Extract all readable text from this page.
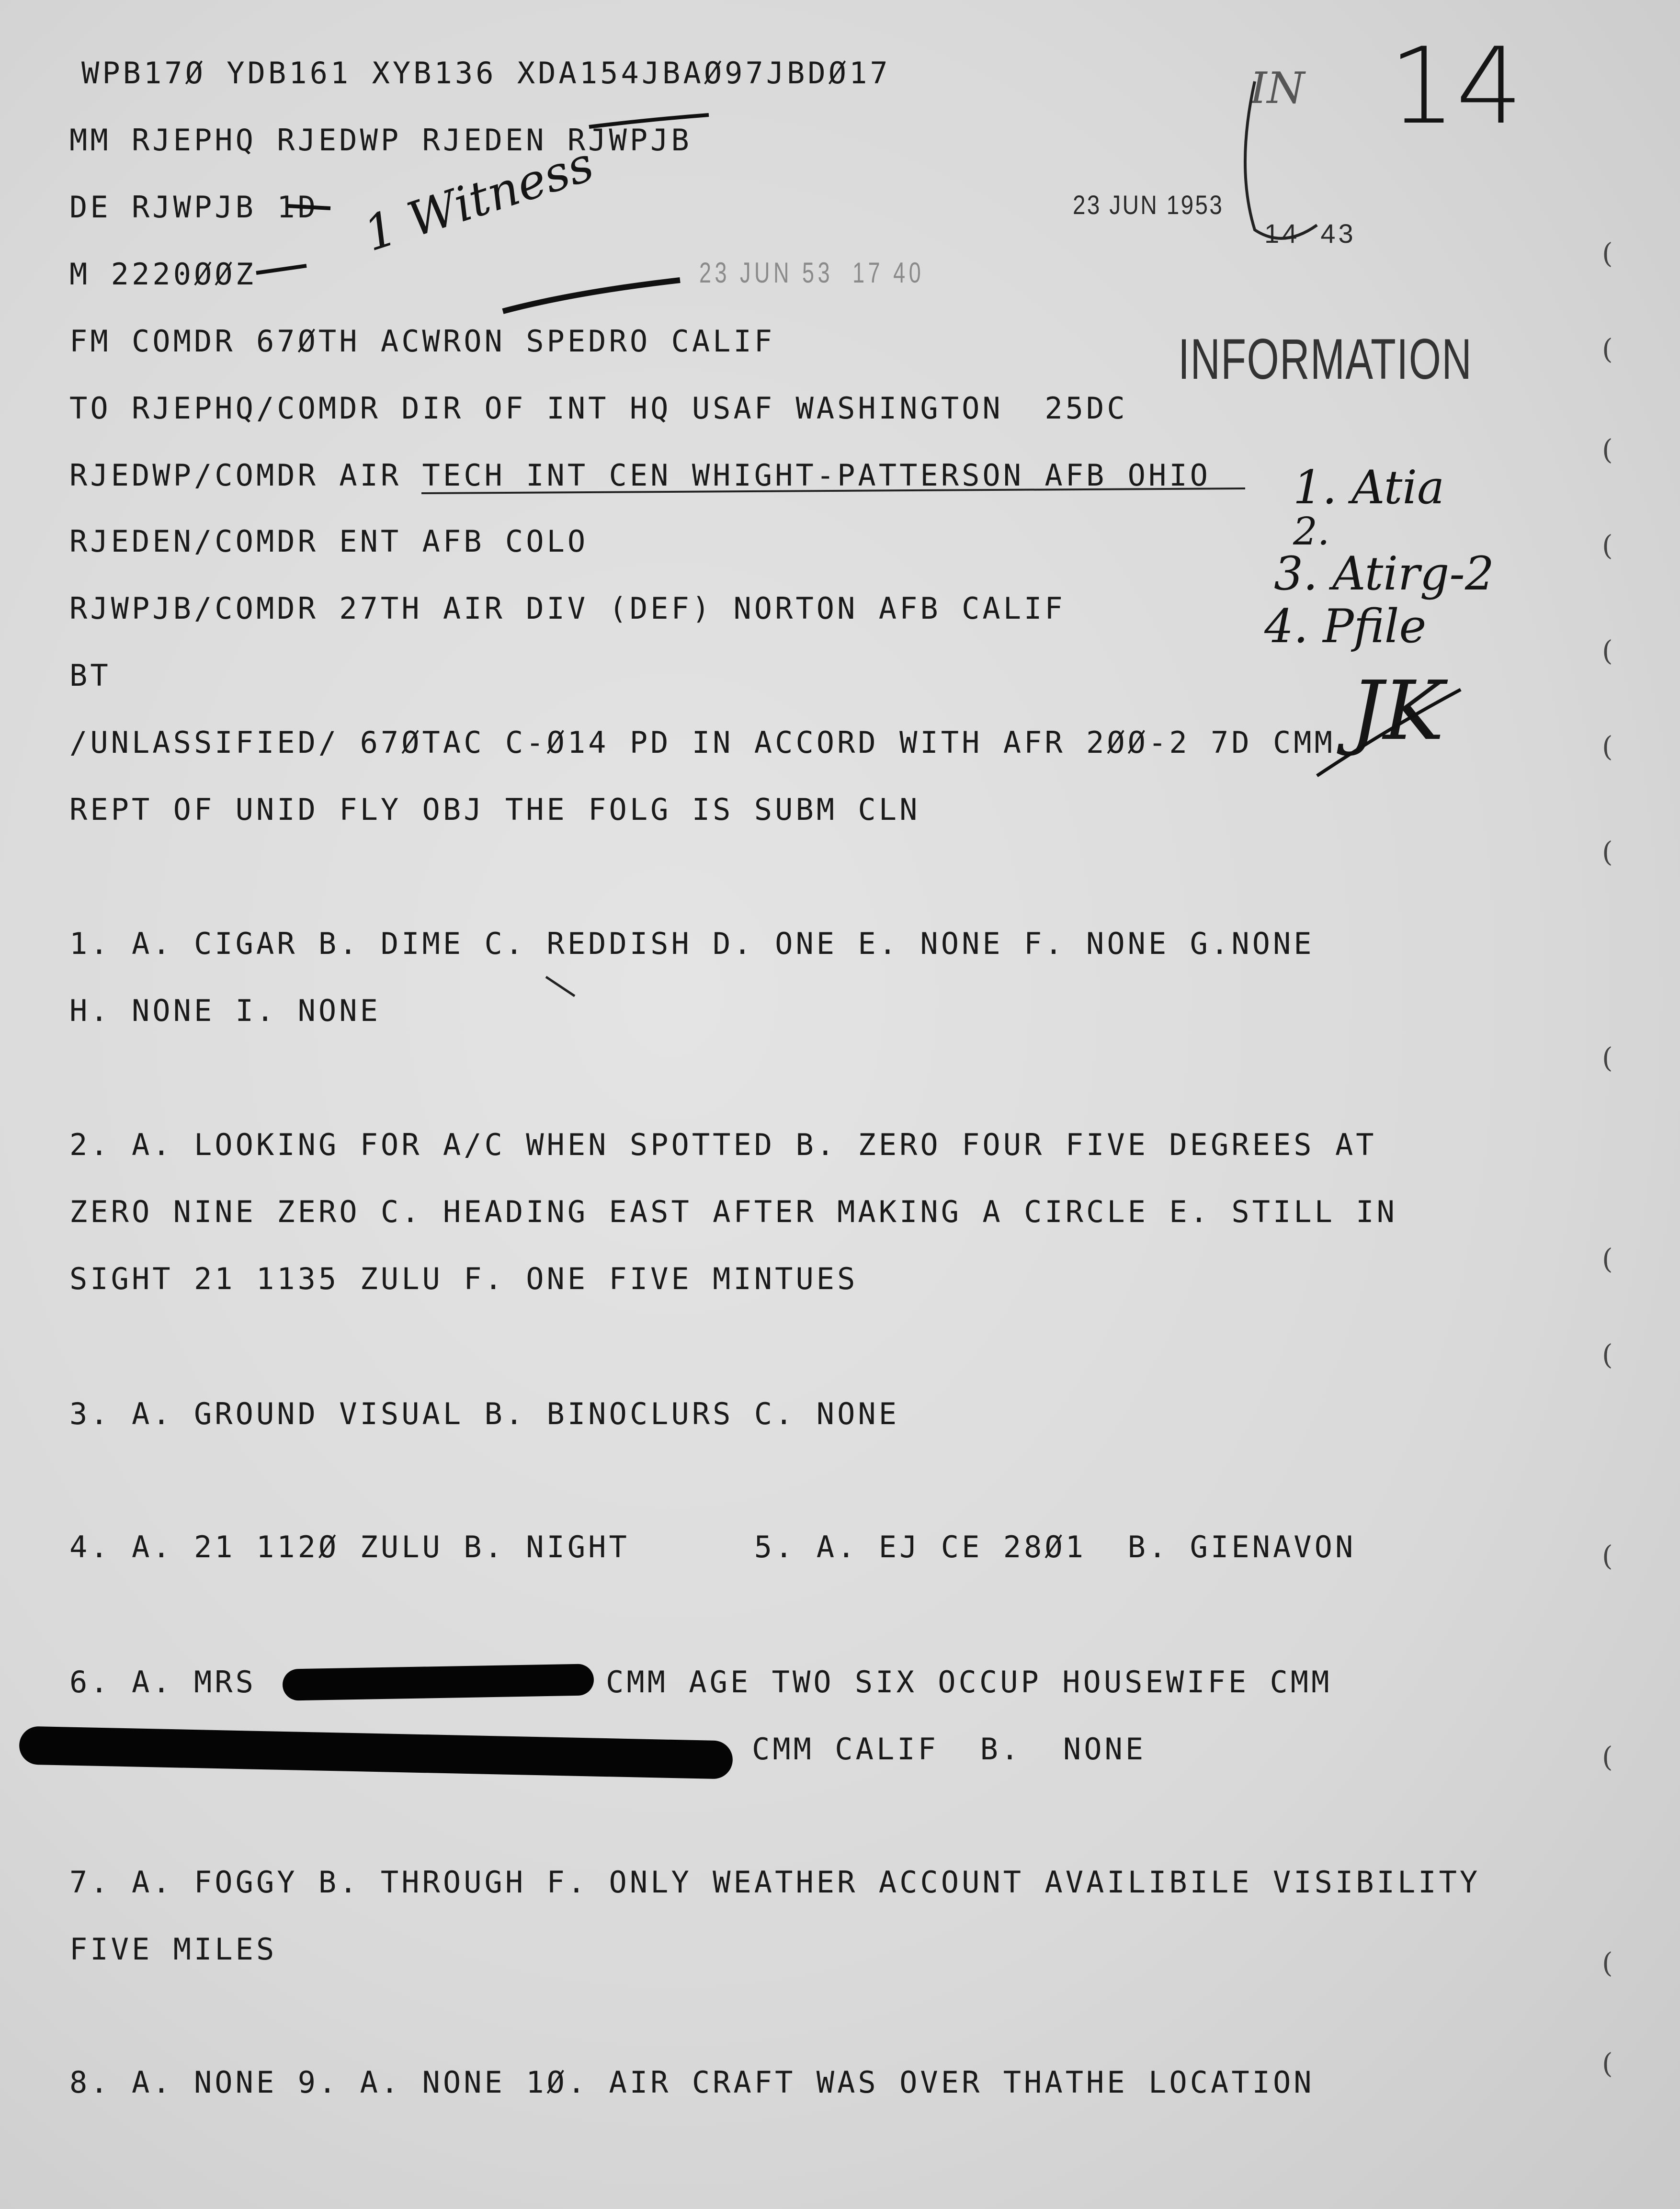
WPB17Ø YDB161 XYB136 XDA154JBAØ97JBDØ17

MM RJEPHQ RJEDWP RJEDEN RJWPJB

DE RJWPJB 1D

M 2220ØØZ

FM COMDR 67ØTH ACWRON SPEDRO CALIF

TO RJEPHQ/COMDR DIR OF INT HQ USAF WASHINGTON  25DC

RJEDWP/COMDR AIR TECH INT CEN WHIGHT-PATTERSON AFB OHIO

RJEDEN/COMDR ENT AFB COLO

RJWPJB/COMDR 27TH AIR DIV (DEF) NORTON AFB CALIF

BT

/UNLASSIFIED/ 67ØTAC C-Ø14 PD IN ACCORD WITH AFR 2ØØ-2 7D CMM

REPT OF UNID FLY OBJ THE FOLG IS SUBM CLN

1. A. CIGAR B. DIME C. REDDISH D. ONE E. NONE F. NONE G.NONE

H. NONE I. NONE

2. A. LOOKING FOR A/C WHEN SPOTTED B. ZERO FOUR FIVE DEGREES AT

ZERO NINE ZERO C. HEADING EAST AFTER MAKING A CIRCLE E. STILL IN

SIGHT 21 1135 ZULU F. ONE FIVE MINTUES

3. A. GROUND VISUAL B. BINOCLURS C. NONE

4. A. 21 112Ø ZULU B. NIGHT      5. A. EJ CE 28Ø1  B. GIENAVON

6. A. MRS	CMM AGE TWO SIX OCCUP HOUSEWIFE CMM

CMM CALIF  B.  NONE

7. A. FOGGY B. THROUGH F. ONLY WEATHER ACCOUNT AVAILIBILE VISIBILITY

FIVE MILES

8. A. NONE 9. A. NONE 1Ø. AIR CRAFT WAS OVER THATHE LOCATION

23 JUN 1953

14  43

23 JUN 53  17 40

INFORMATION

14

IN

1 Witness

1. Atia

2.

3. Atirg-2

4. Pfile

JK

(

(

(

(

(

(

(

(

(

(

(

(

(

(
